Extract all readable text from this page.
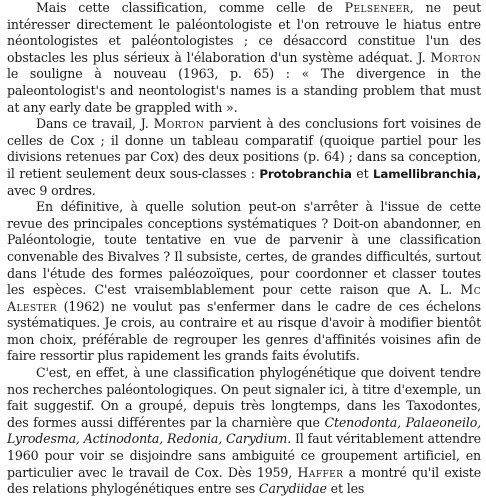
Mais cette classification, comme celle de Pelseneer, ne peut intéresser directement le paléontologiste et l'on retrouve le hiatus entre néontologistes et paléontologistes ; ce désaccord constitue l'un des obstacles les plus sérieux à l'élaboration d'un système adéquat. J. Morton le souligne à nouveau (1963, p. 65) : « The divergence in the paleontologist's and neontologist's names is a standing problem that must at any early date be grappled with ».

Dans ce travail, J. Morton parvient à des conclusions fort voisines de celles de Cox ; il donne un tableau comparatif (quoique partiel pour les divisions retenues par Cox) des deux positions (p. 64) ; dans sa conception, il retient seulement deux sous-classes : Protobranchia et Lamellibranchia, avec 9 ordres.

En définitive, à quelle solution peut-on s'arrêter à l'issue de cette revue des principales conceptions systématiques ? Doit-on abandonner, en Paléontologie, toute tentative en vue de parvenir à une classification convenable des Bivalves ? Il subsiste, certes, de grandes difficultés, surtout dans l'étude des formes paléozoïques, pour coordonner et classer toutes les espèces. C'est vraisemblablement pour cette raison que A. L. Mc Alester (1962) ne voulut pas s'enfermer dans le cadre de ces échelons systématiques. Je crois, au contraire et au risque d'avoir à modifier bientôt mon choix, préférable de regrouper les genres d'affinités voisines afin de faire ressortir plus rapidement les grands faits évolutifs.

C'est, en effet, à une classification phylogénétique que doivent tendre nos recherches paléontologiques. On peut signaler ici, à titre d'exemple, un fait suggestif. On a groupé, depuis très longtemps, dans les Taxodontes, des formes aussi différentes par la charnière que Ctenodonta, Palaeoneilo, Lyrodesma, Actinodonta, Redonia, Carydium. Il faut véritablement attendre 1960 pour voir se disjoindre sans ambiguité ce groupement artificiel, en particulier avec le travail de Cox. Dès 1959, Haffer a montré qu'il existe des relations phylogénétiques entre ses Carydiidae et les
